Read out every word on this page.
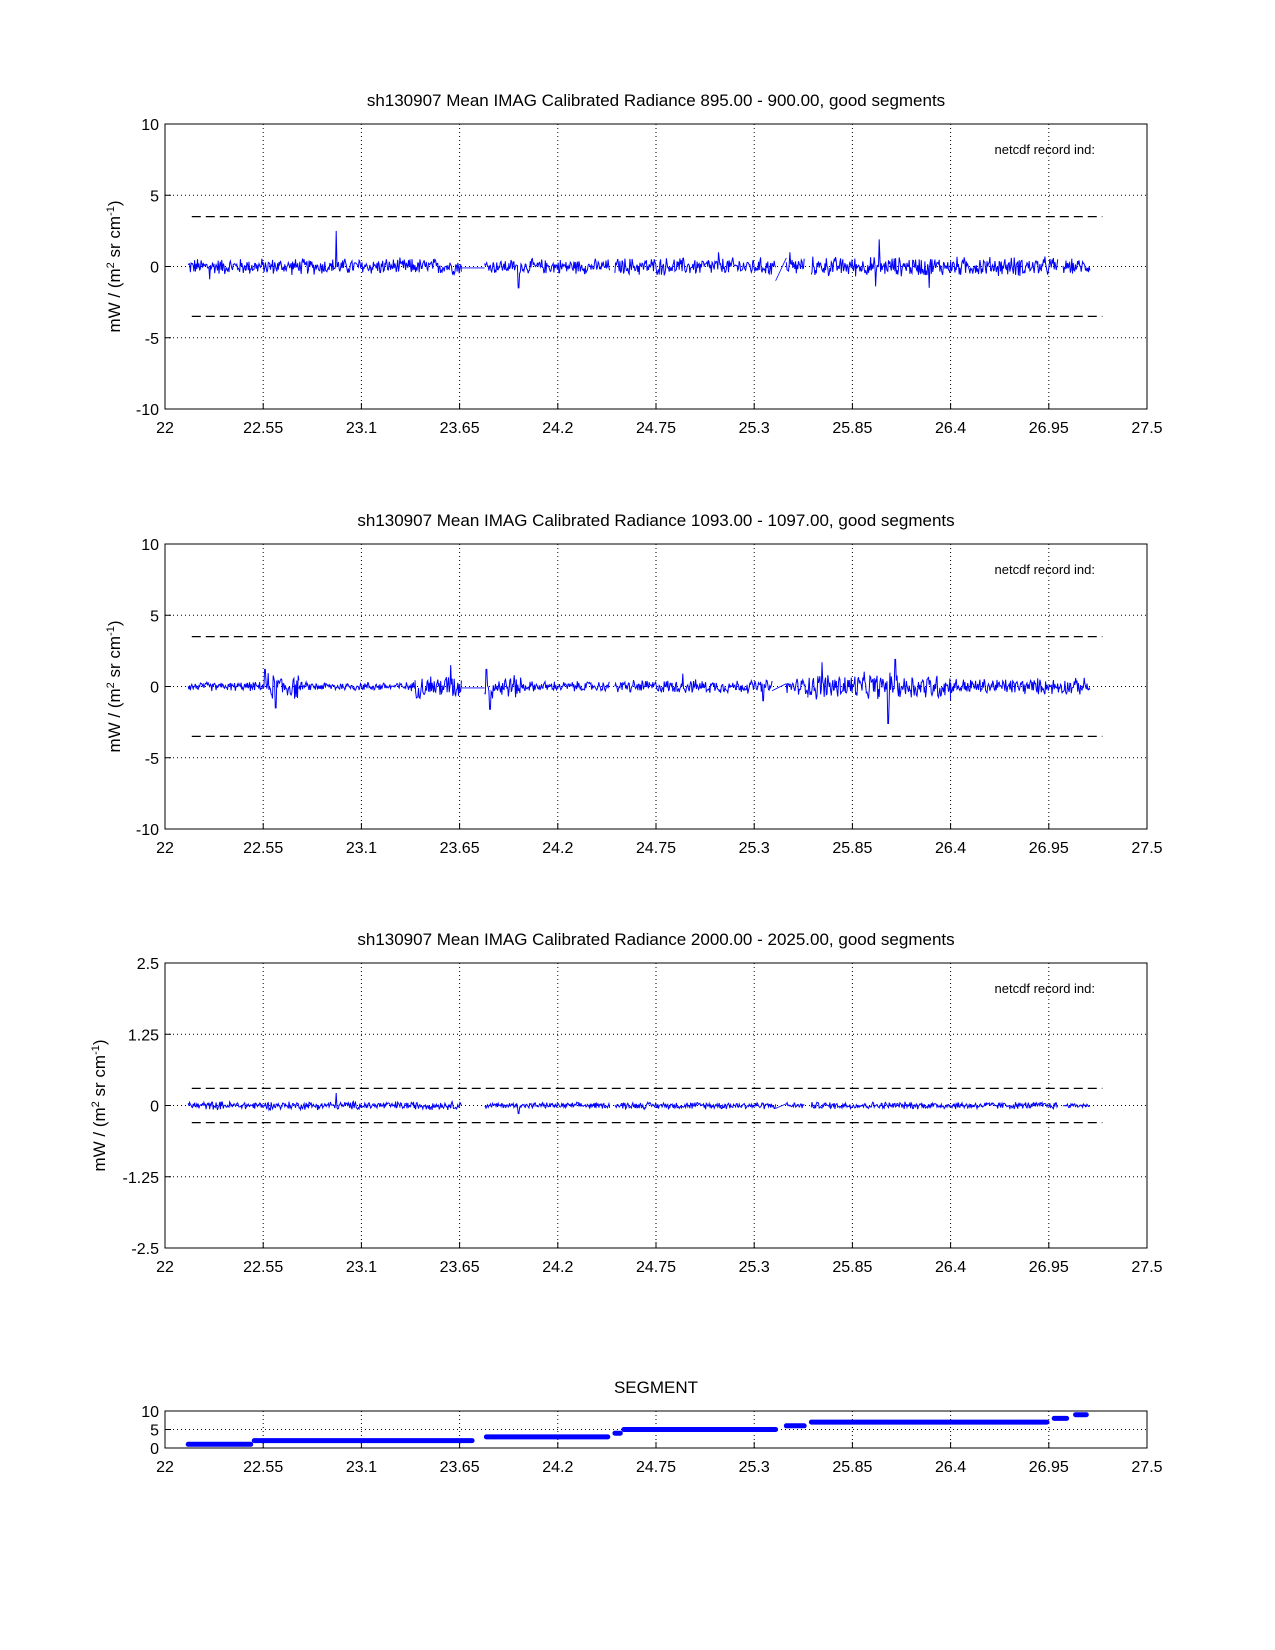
sh130907 Mean IMAG Calibrated Radiance 895.00 - 900.00, good segments
22	22.55	23.1	23.65	24.2	24.75	25.3	25.85	26.4	26.95	27.5
10
5
0
-5
-10
mW / ($m^2$ sr $cm^{-1}$)
netcdf record ind:
sh130907 Mean IMAG Calibrated Radiance 1093.00 - 1097.00, good segments
22	22.55	23.1	23.65	24.2	24.75	25.3	25.85	26.4	26.95	27.5
10
5
0
-5
-10
mW / ($m^2$ sr $cm^{-1}$)
netcdf record ind:
sh130907 Mean IMAG Calibrated Radiance 2000.00 - 2025.00, good segments
22	22.55	23.1	23.65	24.2	24.75	25.3	25.85	26.4	26.95	27.5
2.5
1.25
0
-1.25
-2.5
mW / ($m^2$ sr $cm^{-1}$)
netcdf record ind:
SEGMENT
22	22.55	23.1	23.65	24.2	24.75	25.3	25.85	26.4	26.95	27.5
10
5
0
